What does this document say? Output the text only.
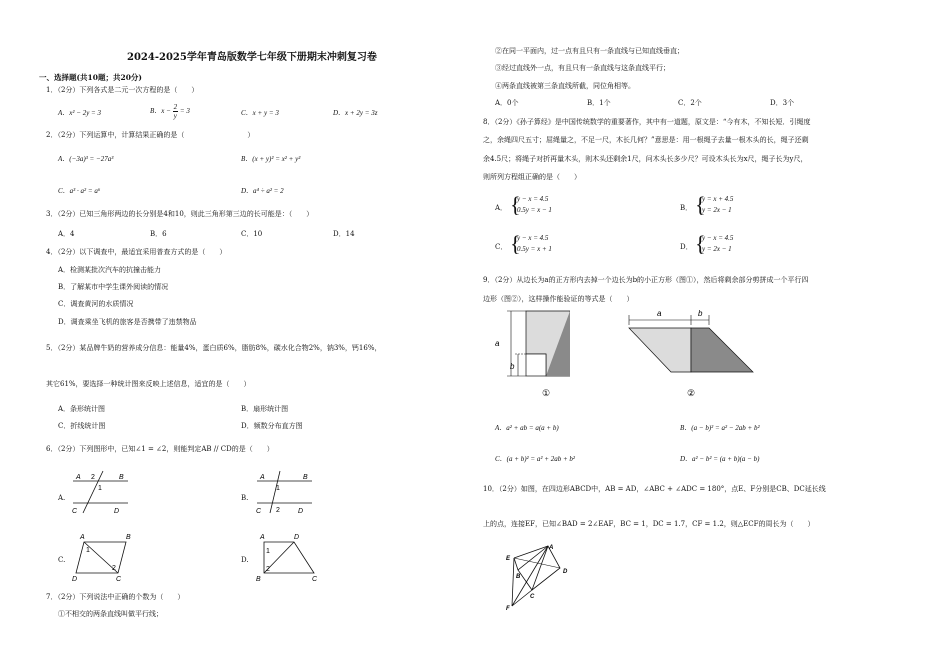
2024-2025学年青岛版数学七年级下册期末冲刺复习卷
一、选择题(共10题；共20分)
1．（2分）下列各式是二元一次方程的是（　　）
A．x² − 2y = 3	B．$x - \frac{2}{y} = 3$	C．x + y = 3	D．x + 2y = 3z
2．（2分）下列运算中，计算结果正确的是（　　　　　　　　　）
A．(−3a)³ = −27a³	B．(x + y)² = x² + y²
C．a³ · a² = a⁶	D．a⁴ ÷ a² = 2
3．（2分）已知三角形两边的长分别是4和10，则此三角形第三边的长可能是：（　　）
A．4	B．6	C．10	D．14
4．（2分）以下调查中，最适宜采用普查方式的是（　　）
A．检测某批次汽车的抗撞击能力
B．了解某市中学生课外阅读的情况
C．调查黄河的水质情况
D．调查乘坐飞机的旅客是否携带了违禁物品
5．（2分）某品牌牛奶的营养成分信息：能量4%，蛋白质6%，脂肪8%，碳水化合物2%，钠3%，钙16%，
其它61%，要选择一种统计图来反映上述信息，适宜的是（　　）
A．条形统计图	B．扇形统计图
C．折线统计图	D．频数分布直方图
6．（2分）下列图形中，已知∠1 = ∠2，则能判定AB // CD的是（　　）
A.	B.
C.	D.
A	B
C	D
2
1
A	B
C	D
1
2
A	B
D	C
1
2
A	D
B	C
1
2
7．（2分）下列说法中正确的个数为（　　）
①不相交的两条直线叫做平行线；
②在同一平面内，过一点有且只有一条直线与已知直线垂直；
③经过直线外一点，有且只有一条直线与这条直线平行；
④两条直线被第三条直线所截，同位角相等。
A．0个	B．1个	C．2个	D．3个
8．（2分）《孙子算经》是中国传统数学的重要著作，其中有一道题，原文是：“今有木，不知长短．引绳度
之，余绳四尺五寸；屈绳量之，不足一尺，木长几何？”意思是：用一根绳子去量一根木头的长，绳子还剩
余4.5尺；将绳子对折再量木头，则木头还剩余1尺，问木头长多少尺？可设木头长为x尺，绳子长为y尺，
则所列方程组正确的是（　　）
A． {
y − x = 4.5
0.5y = x − 1	B． {
y = x + 4.5
y = 2x − 1
C． {
y − x = 4.5
0.5y = x + 1	D． {
y − x = 4.5
y = 2x − 1
9．（2分）从边长为a的正方形内去掉一个边长为b的小正方形（图①），然后将剩余部分剪拼成一个平行四
边形（图②），这样操作能验证的等式是（　　）
a
b
①
a	b
②
A．a² + ab = a(a + b)	B．(a − b)² = a² − 2ab + b²
C．(a + b)² = a² + 2ab + b²	D．a² − b² = (a + b)(a − b)
10．（2分）如图，在四边形ABCD中，AB = AD，∠ABC + ∠ADC = 180°，点E、F分别是CB、DC延长线
上的点，连接EF，已知∠BAD = 2∠EAF，BC = 1，DC = 1.7，CF = 1.2，则△ECF的周长为（　　）
A
B
C
D
E
F
